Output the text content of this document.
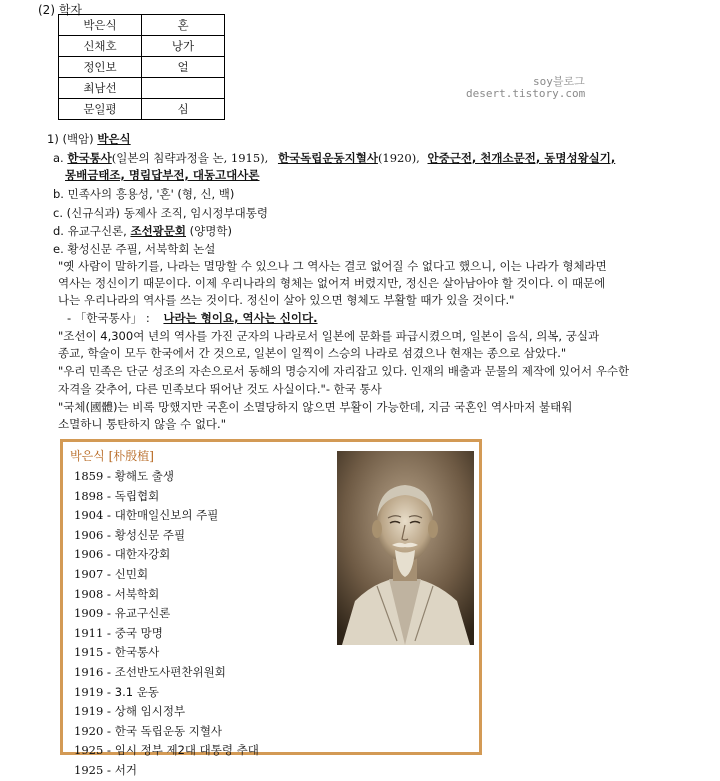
(2) 학자
박은식	혼
신채호	낭가
정인보	얼
최남선	
문일평	심
soy블로그
desert.tistory.com
1) (백암) 박은식
a. 한국통사(일본의 침략과정을 논, 1915), 한국독립운동지혈사(1920), 안중근전, 천개소문전, 동명성왕실기,
몽배금태조, 명림답부전, 대동고대사론
b. 민족사의 흥용성, '혼' (형, 신, 백)
c. (신규식과) 동제사 조직, 임시정부대통령
d. 유교구신론, 조선광문회 (양명학)
e. 황성신문 주필, 서북학회 논설
"옛 사람이 말하기를, 나라는 멸망할 수 있으나 그 역사는 결코 없어질 수 없다고 했으니, 이는 나라가 형체라면
역사는 정신이기 때문이다. 이제 우리나라의 형체는 없어져 버렸지만, 정신은 살아남아야 할 것이다. 이 때문에
나는 우리나라의 역사를 쓰는 것이다. 정신이 살아 있으면 형체도 부활할 때가 있을 것이다."
- 「한국통사」 : 나라는 형이요, 역사는 신이다.
"조선이 4,300여 년의 역사를 가진 군자의 나라로서 일본에 문화를 파급시켰으며, 일본이 음식, 의복, 궁실과
종교, 학술이 모두 한국에서 간 것으로, 일본이 일찍이 스승의 나라로 섬겼으나 현재는 종으로 삼았다."
"우리 민족은 단군 성조의 자손으로서 동해의 명승지에 자리잡고 있다. 인재의 배출과 문물의 제작에 있어서 우수한
자격을 갖추어, 다른 민족보다 뛰어난 것도 사실이다."- 한국 통사
"국체(國體)는 비록 망했지만 국혼이 소멸당하지 않으면 부활이 가능한데, 지금 국혼인 역사마저 불태워
소멸하니 통탄하지 않을 수 없다."
박은식 [朴殷植]
1859 - 황해도 출생
1898 - 독립협회
1904 - 대한매일신보의 주필
1906 - 황성신문 주필
1906 - 대한자강회
1907 - 신민회
1908 - 서북학회
1909 - 유교구신론
1911 - 중국 망명
1915 - 한국통사
1916 - 조선반도사편찬위원회
1919 - 3.1 운동
1919 - 상해 임시정부
1920 - 한국 독립운동 지혈사
1925 - 임시 정부 제2대 대통령 추대
1925 - 서거
